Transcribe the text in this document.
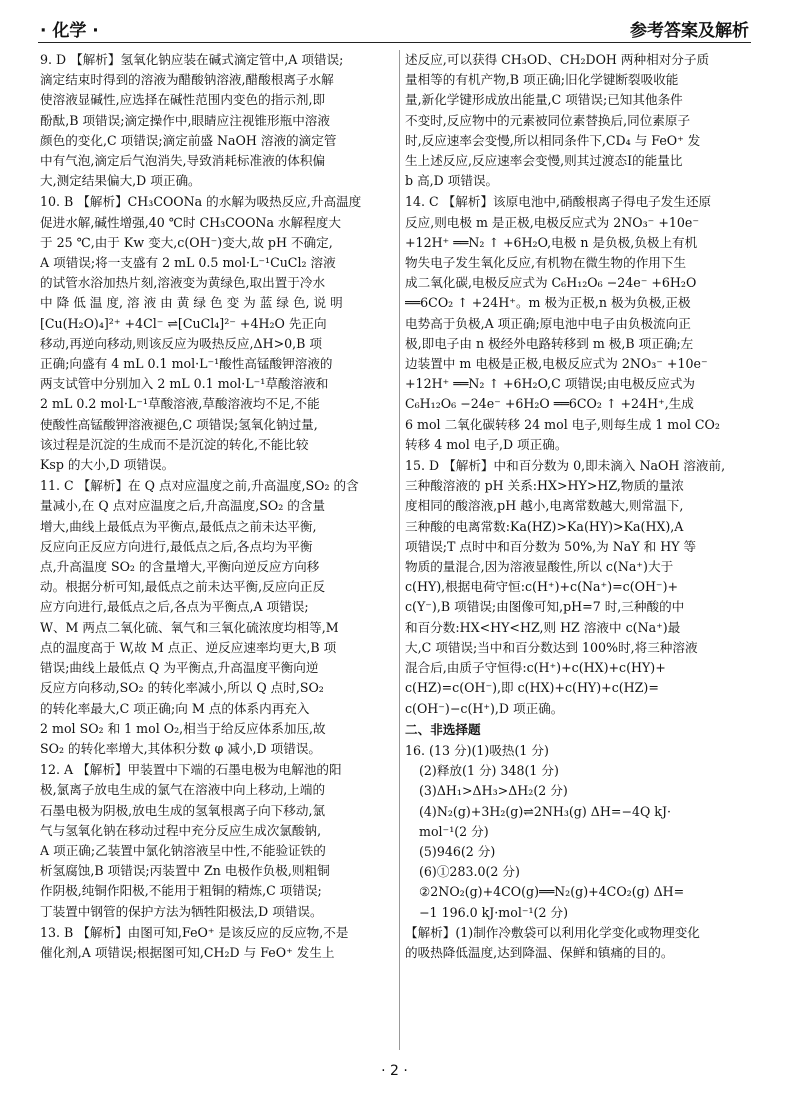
· 化学 ·	参考答案及解析
9. D 【解析】氢氧化钠应装在碱式滴定管中,A 项错误;
滴定结束时得到的溶液为醋酸钠溶液,醋酸根离子水解
使溶液显碱性,应选择在碱性范围内变色的指示剂,即
酚酞,B 项错误;滴定操作中,眼睛应注视锥形瓶中溶液
颜色的变化,C 项错误;滴定前盛 NaOH 溶液的滴定管
中有气泡,滴定后气泡消失,导致消耗标准液的体积偏
大,测定结果偏大,D 项正确。
10. B 【解析】CH₃COONa 的水解为吸热反应,升高温度
促进水解,碱性增强,40 ℃时 CH₃COONa 水解程度大
于 25 ℃,由于 Kw 变大,c(OH⁻)变大,故 pH 不确定,
A 项错误;将一支盛有 2 mL 0.5 mol·L⁻¹CuCl₂ 溶液
的试管水浴加热片刻,溶液变为黄绿色,取出置于冷水
中 降 低 温 度, 溶 液 由 黄 绿 色 变 为 蓝 绿 色, 说 明
[Cu(H₂O)₄]²⁺ +4Cl⁻ ⇌[CuCl₄]²⁻ +4H₂O 先正向
移动,再逆向移动,则该反应为吸热反应,ΔH>0,B 项
正确;向盛有 4 mL 0.1 mol·L⁻¹酸性高锰酸钾溶液的
两支试管中分别加入 2 mL 0.1 mol·L⁻¹草酸溶液和
2 mL 0.2 mol·L⁻¹草酸溶液,草酸溶液均不足,不能
使酸性高锰酸钾溶液褪色,C 项错误;氢氧化钠过量,
该过程是沉淀的生成而不是沉淀的转化,不能比较
Ksp 的大小,D 项错误。
11. C 【解析】在 Q 点对应温度之前,升高温度,SO₂ 的含
量减小,在 Q 点对应温度之后,升高温度,SO₂ 的含量
增大,曲线上最低点为平衡点,最低点之前未达平衡,
反应向正反应方向进行,最低点之后,各点均为平衡
点,升高温度 SO₂ 的含量增大,平衡向逆反应方向移
动。根据分析可知,最低点之前未达平衡,反应向正反
应方向进行,最低点之后,各点为平衡点,A 项错误;
W、M 两点二氧化硫、氧气和三氧化硫浓度均相等,M
点的温度高于 W,故 M 点正、逆反应速率均更大,B 项
错误;曲线上最低点 Q 为平衡点,升高温度平衡向逆
反应方向移动,SO₂ 的转化率减小,所以 Q 点时,SO₂
的转化率最大,C 项正确;向 M 点的体系内再充入
2 mol SO₂ 和 1 mol O₂,相当于给反应体系加压,故
SO₂ 的转化率增大,其体积分数 φ 减小,D 项错误。
12. A 【解析】甲装置中下端的石墨电极为电解池的阳
极,氯离子放电生成的氯气在溶液中向上移动,上端的
石墨电极为阴极,放电生成的氢氧根离子向下移动,氯
气与氢氧化钠在移动过程中充分反应生成次氯酸钠,
A 项正确;乙装置中氯化钠溶液呈中性,不能验证铁的
析氢腐蚀,B 项错误;丙装置中 Zn 电极作负极,则粗铜
作阴极,纯铜作阳极,不能用于粗铜的精炼,C 项错误;
丁装置中钢管的保护方法为牺牲阳极法,D 项错误。
13. B 【解析】由图可知,FeO⁺ 是该反应的反应物,不是
催化剂,A 项错误;根据图可知,CH₂D 与 FeO⁺ 发生上
述反应,可以获得 CH₃OD、CH₂DOH 两种相对分子质
量相等的有机产物,B 项正确;旧化学键断裂吸收能
量,新化学键形成放出能量,C 项错误;已知其他条件
不变时,反应物中的元素被同位素替换后,同位素原子
时,反应速率会变慢,所以相同条件下,CD₄ 与 FeO⁺ 发
生上述反应,反应速率会变慢,则其过渡态Ⅰ的能量比
b 高,D 项错误。
14. C 【解析】该原电池中,硝酸根离子得电子发生还原
反应,则电极 m 是正极,电极反应式为 2NO₃⁻ +10e⁻
+12H⁺ ══N₂ ↑ +6H₂O,电极 n 是负极,负极上有机
物失电子发生氧化反应,有机物在微生物的作用下生
成二氧化碳,电极反应式为 C₆H₁₂O₆ −24e⁻ +6H₂O
══6CO₂ ↑ +24H⁺。m 极为正极,n 极为负极,正极
电势高于负极,A 项正确;原电池中电子由负极流向正
极,即电子由 n 极经外电路转移到 m 极,B 项正确;左
边装置中 m 电极是正极,电极反应式为 2NO₃⁻ +10e⁻
+12H⁺ ══N₂ ↑ +6H₂O,C 项错误;由电极反应式为
C₆H₁₂O₆ −24e⁻ +6H₂O ══6CO₂ ↑ +24H⁺,生成
6 mol 二氧化碳转移 24 mol 电子,则每生成 1 mol CO₂
转移 4 mol 电子,D 项正确。
15. D 【解析】中和百分数为 0,即未滴入 NaOH 溶液前,
三种酸溶液的 pH 关系:HX>HY>HZ,物质的量浓
度相同的酸溶液,pH 越小,电离常数越大,则常温下,
三种酸的电离常数:Ka(HZ)>Ka(HY)>Ka(HX),A
项错误;T 点时中和百分数为 50%,为 NaY 和 HY 等
物质的量混合,因为溶液显酸性,所以 c(Na⁺)大于
c(HY),根据电荷守恒:c(H⁺)+c(Na⁺)=c(OH⁻)+
c(Y⁻),B 项错误;由图像可知,pH=7 时,三种酸的中
和百分数:HX<HY<HZ,则 HZ 溶液中 c(Na⁺)最
大,C 项错误;当中和百分数达到 100%时,将三种溶液
混合后,由质子守恒得:c(H⁺)+c(HX)+c(HY)+
c(HZ)=c(OH⁻),即 c(HX)+c(HY)+c(HZ)=
c(OH⁻)−c(H⁺),D 项正确。
二、非选择题
16. (13 分)(1)吸热(1 分)
(2)释放(1 分) 348(1 分)
(3)ΔH₁>ΔH₃>ΔH₂(2 分)
(4)N₂(g)+3H₂(g)⇌2NH₃(g) ΔH=−4Q kJ·
mol⁻¹(2 分)
(5)946(2 分)
(6)①283.0(2 分)
②2NO₂(g)+4CO(g)══N₂(g)+4CO₂(g) ΔH=
−1 196.0 kJ·mol⁻¹(2 分)
【解析】(1)制作冷敷袋可以利用化学变化或物理变化
的吸热降低温度,达到降温、保鲜和镇痛的目的。
· 2 ·
